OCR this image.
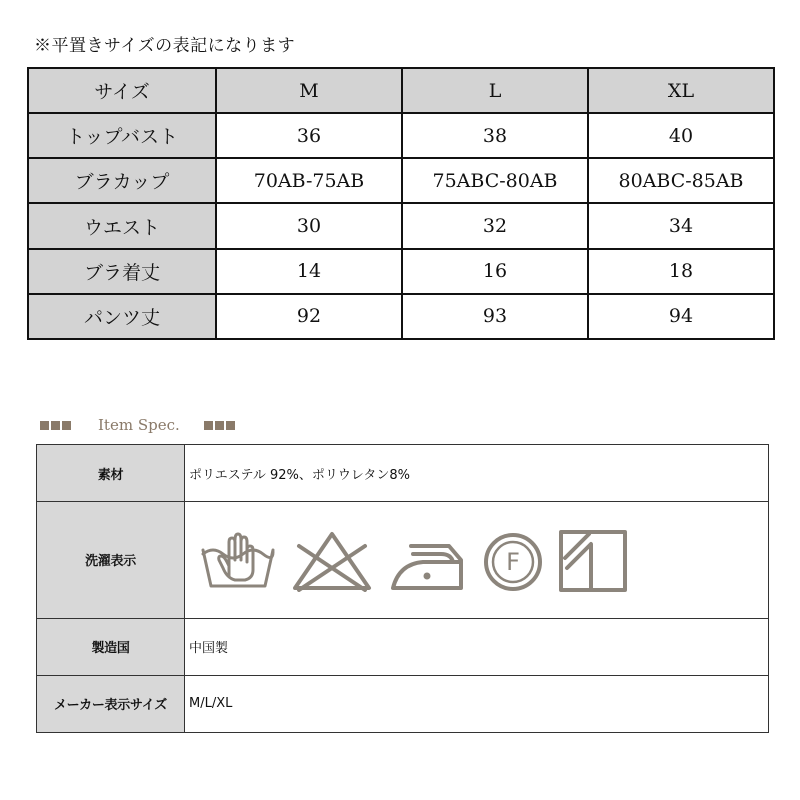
※平置きサイズの表記になります
サイズ	M	L	XL
トップバスト	36	38	40
ブラカップ	70AB-75AB	75ABC-80AB	80ABC-85AB
ウエスト	30	32	34
ブラ着丈	14	16	18
パンツ丈	92	93	94
Item Spec.
素材	ポリエステル 92%、ポリウレタン8%
洗濯表示	F

製造国	中国製
メーカー表示サイズ	M/L/XL
